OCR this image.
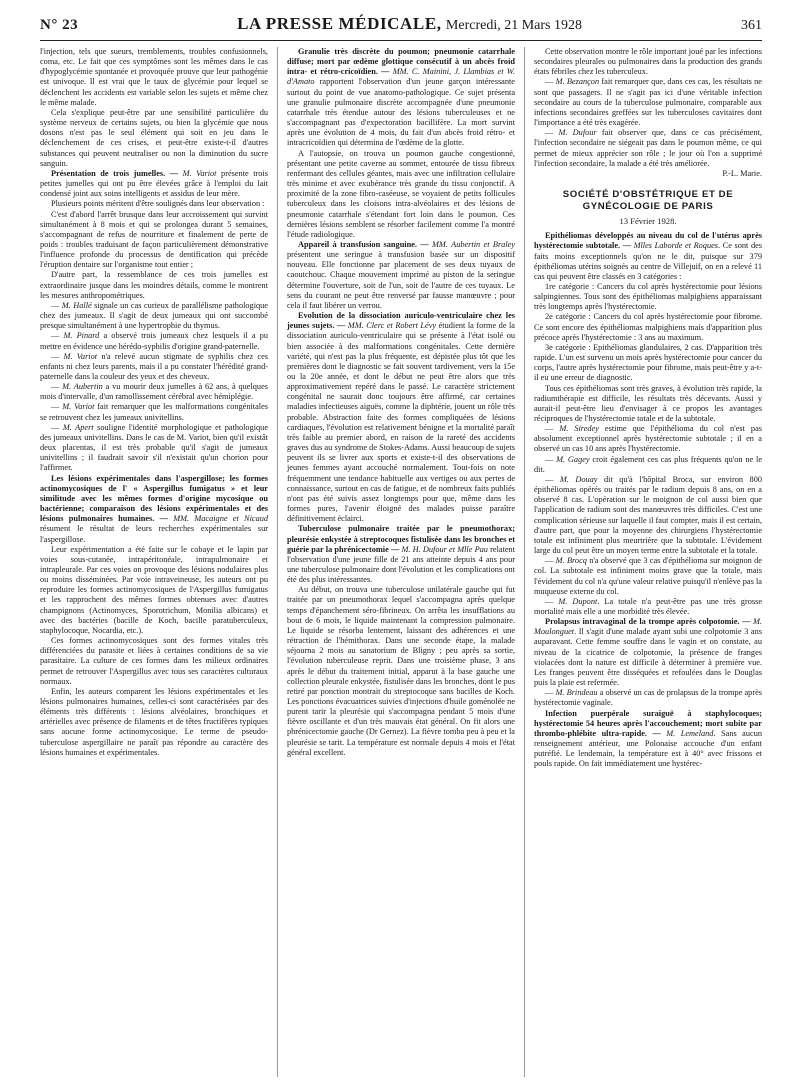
N° 23	LA PRESSE MÉDICALE, Mercredi, 21 Mars 1928	361

l'injection, tels que sueurs, tremblements, troubles confusionnels, coma, etc. Le fait que ces symptômes sont les mêmes dans le cas d'hypoglycémie spontanée et provoquée prouve que leur pathogénie est univoque. Il est vrai que le taux de glycémie pour lequel se déclenchent les accidents est variable selon les sujets et même chez le même malade.

Cela s'explique peut-être par une sensibilité particulière du système nerveux de certains sujets, ou bien la glycémie que nous dosons n'est pas le seul élément qui soit en jeu dans le déclenchement de ces crises, et peut-être existe-t-il d'autres substances qui peuvent neutraliser ou non la diminution du sucre sanguin.

Présentation de trois jumelles. — M. Variot présente trois petites jumelles qui ont pu être élevées grâce à l'emploi du lait condensé joint aux soins intelligents et assidus de leur mère.

Plusieurs points méritent d'être soulignés dans leur observation :

C'est d'abord l'arrêt brusque dans leur accroissement qui survint simultanément à 8 mois et qui se prolongea durant 5 semaines, s'accompagnant de refus de nourriture et finalement de perte de poids : troubles traduisant de façon particulièrement démonstrative l'influence profonde du processus de dentification qui précède l'éruption dentaire sur l'organisme tout entier ;

D'autre part, la ressemblance de ces trois jumelles est extraordinaire jusque dans les moindres détails, comme le montrent les mesures anthropométriques.

— M. Hallé signale un cas curieux de parallélisme pathologique chez des jumeaux. Il s'agit de deux jumeaux qui ont succombé presque simultanément à une hypertrophie du thymus.

— M. Pinard a observé trois jumeaux chez lesquels il a pu mettre en évidence une hérédo-syphilis d'origine grand-paternelle.

— M. Variot n'a relevé aucun stigmate de syphilis chez ces enfants ni chez leurs parents, mais il a pu constater l'hérédité grand-paternelle dans la couleur des yeux et des cheveux.

— M. Aubertin a vu mourir deux jumelles à 62 ans, à quelques mois d'intervalle, d'un ramollissement cérébral avec hémiplégie.

— M. Variot fait remarquer que les malformations congénitales se retrouvent chez les jumeaux univitellins.

— M. Apert souligne l'identité morphologique et pathologique des jumeaux univitellins. Dans le cas de M. Variot, bien qu'il existât deux placentas, il est très probable qu'il s'agit de jumeaux univitellins ; il faudrait savoir s'il n'existait qu'un chorion pour l'affirmer.

Les lésions expérimentales dans l'aspergillose; les formes actinomycosiques de l' « Aspergillus fumigatus » et leur similitude avec les mêmes formes d'origine mycosique ou bactérienne; comparaison des lésions expérimentales et des lésions pulmonaires humaines. — MM. Macaigne et Nicaud résument le résultat de leurs recherches expérimentales sur l'aspergillose.

Leur expérimentation a été faite sur le cobaye et le lapin par voies sous-cutanée, intrapéritonéale, intrapulmonaire et intrapleurale. Par ces voies on provoque des lésions nodulaires plus ou moins disséminées. Par voie intraveineuse, les auteurs ont pu reproduire les formes actinomycosiques de l'Aspergillus fumigatus et les rapprochent des mêmes formes obtenues avec d'autres champignons (Actinomyces, Sporotrichum, Monilia albicans) et avec des bactéries (bacille de Koch, bacille paratuberculeux, staphylocoque, Nocardia, etc.).

Ces formes actinomycosiques sont des formes vitales très différenciées du parasite et liées à certaines conditions de sa vie parasitaire. La culture de ces formes dans les milieux ordinaires permet de retrouver l'Aspergillus avec tous ses caractères culturaux normaux.

Enfin, les auteurs comparent les lésions expérimentales et les lésions pulmonaires humaines, celles-ci sont caractérisées par des éléments très différents : lésions alvéolaires, bronchiques et artérielles avec présence de filaments et de têtes fructifères typiques sans aucune forme actinomycosique. Le terme de pseudo-tuberculose aspergillaire ne paraît pas répondre au caractère des lésions humaines et expérimentales.

Granulie très discrète du poumon; pneumonie catarrhale diffuse; mort par œdème glottique consécutif à un abcès froid intra- et rétro-cricoïdien. — MM. C. Mainini, J. Llambias et W. d'Amato rapportent l'observation d'un jeune garçon intéressante surtout du point de vue anatomo-pathologique. Ce sujet présenta une granulie pulmonaire discrète accompagnée d'une pneumonie catarrhale très étendue autour des lésions tuberculeuses et ne s'accompagnant pas d'expectoration bacillifère. La mort survint après une évolution de 4 mois, du fait d'un abcès froid rétro- et intracricoïdien qui détermina de l'œdème de la glotte.

A l'autopsie, on trouva un poumon gauche congestionné, présentant une petite caverne au sommet, entourée de tissu fibreux renfermant des cellules géantes, mais avec une infiltration cellulaire très minime et avec exubérance très grande du tissu conjonctif. A proximité de la zone fibro-caséeuse, se voyaient de petits follicules tuberculeux dans les cloisons intra-alvéolaires et des lésions de pneumonie catarrhale s'étendant fort loin dans le poumon. Ces dernières lésions semblent se résorber facilement comme l'a montré l'étude radiologique.

Appareil à transfusion sanguine. — MM. Aubertin et Braley présentent une seringue à transfusion basée sur un dispositif nouveau. Elle fonctionne par placement de ses deux tuyaux de caoutchouc. Chaque mouvement imprimé au piston de la seringue détermine l'ouverture, soit de l'un, soit de l'autre de ces tuyaux. Le sens du courant ne peut être renversé par fausse manœuvre ; pour cela il faut libérer un verrou.

Evolution de la dissociation auriculo-ventriculaire chez les jeunes sujets. — MM. Clerc et Robert Lévy étudient la forme de la dissociation auriculo-ventriculaire qui se présente à l'état isolé ou bien associée à des malformations congénitales. Cette dernière variété, qui n'est pas la plus fréquente, est dépistée plus tôt que les premières dont le diagnostic se fait souvent tardivement, vers la 15e ou la 20e année, et dont le début ne peut être alors que très approximativement repéré dans le passé. Le caractère strictement congénital ne saurait donc toujours être affirmé, car certaines maladies infectieuses aiguës, comme la diphtérie, jouent un rôle très probable. Abstraction faite des formes compliquées de lésions cardiaques, l'évolution est relativement bénigne et la mortalité paraît très faible au premier abord, en raison de la rareté des accidents graves dus au syndrome de Stokes-Adams. Aussi beaucoup de sujets peuvent ils se livrer aux sports et existe-t-il des observations de jeunes femmes ayant accouché normalement. Tout-fois on note fréquemment une tendance habituelle aux vertiges ou aux pertes de connaissance, surtout en cas de fatigue, et de nombreux faits publiés n'ont pas été suivis assez longtemps pour que, même dans les formes pures, l'avenir éloigné des malades puisse paraître définitivement éclairci.

Tuberculose pulmonaire traitée par le pneumothorax; pleurésie enkystée à streptocoques fistulisée dans les bronches et guérie par la phrénicectomie — M. H. Dufour et Mlle Pau relatent l'observation d'une jeune fille de 21 ans atteinte depuis 4 ans pour une tuberculose pulmonaire dont l'évolution et les complications ont été des plus intéressantes.

Au début, on trouva une tuberculose unilatérale gauche qui fut traitée par un pneumothorax lequel s'accompagna après quelque temps d'épanchement séro-fibrineux. On arrêta les insufflations au bout de 6 mois, le liquide maintenant la compression pulmonaire. Le liquide se résorba lentement, laissant des adhérences et une rétraction de l'hémithorax. Dans une seconde étape, la malade séjourna 2 mois au sanatorium de Bligny ; peu après sa sortie, l'évolution tuberculeuse reprit. Dans une troisième phase, 3 ans après le début du traitement initial, apparut à la base gauche une collection pleurale enkystée, fistulisée dans les bronches, dont le pus retiré par ponction montrait du streptocoque sans bacilles de Koch. Les ponctions évacuatrices suivies d'injections d'huile goménolée ne purent tarir la pleurésie qui s'accompagna pendant 5 mois d'une fièvre oscillante et d'un très mauvais état général. On fit alors une phrénicectomie gauche (Dr Gernez). La fièvre tomba peu à peu et la pleurésie se tarit. La température est normale depuis 4 mois et l'état général excellent.

Cette observation montre le rôle important joué par les infections secondaires pleurales ou pulmonaires dans la production des grands états fébriles chez les tuberculeux.

— M. Bezançon fait remarquer que, dans ces cas, les résultats ne sont que passagers. Il ne s'agit pas ici d'une véritable infection secondaire au cours de la tuberculose pulmonaire, comparable aux infections secondaires greffées sur les tuberculoses cavitaires dont l'importance a été très exagérée.

— M. Dufour fait observer que, dans ce cas précisément, l'infection secondaire ne siégeait pas dans le poumon même, ce qui permet de mieux apprécier son rôle ; le jour où l'on a supprimé l'infection secondaire, la malade a été très améliorée.

P.-L. Marie.
SOCIÉTÉ D'OBSTÉTRIQUE ET DE GYNÉCOLOGIE DE PARIS
13 Février 1928.

Epithéliomas développés au niveau du col de l'utérus après hystérectomie subtotale. — Mlles Laborde et Roques. Ce sont des faits moins exceptionnels qu'on ne le dit, puisque sur 379 épithéliomas utérins soignés au centre de Villejuif, on en a relevé 11 cas qui peuvent être classés en 3 catégories :

1re catégorie : Cancers du col après hystérectomie pour lésions salpingiennes. Tous sont des épithéliomas malpighiens apparaissant très longtemps après l'hystérectomie.

2e catégorie : Cancers du col après hystérectomie pour fibrome. Ce sont encore des épithéliomas malpighiens mais d'apparition plus précoce après l'hystérectomie : 3 ans au maximum.

3e catégorie : Epithéliomas glandulaires, 2 cas. D'apparition très rapide. L'un est survenu un mois après hystérectomie pour cancer du corps, l'autre après hystérectomie pour fibrome, mais peut-être y a-t-il eu une erreur de diagnostic.

Tous ces épithéliomas sont très graves, à évolution très rapide, la radiumthérapie est difficile, les résultats très décevants. Aussi y aurait-il peut-être lieu d'envisager à ce propos les avantages réciproques de l'hystérectomie totale et de la subtotale.

— M. Siredey estime que l'épithélioma du col n'est pas absolument exceptionnel après hystérectomie subtotale ; il en a observé un cas 10 ans après l'hystérectomie.

— M. Gagey croit également ces cas plus fréquents qu'on ne le dit.

— M. Douay dit qu'à l'hôpital Broca, sur environ 800 épithéliomas opérés ou traités par le radium depuis 8 ans, on en a observé 8 cas. L'opération sur le moignon de col aussi bien que l'application de radium sont des manœuvres très difficiles. C'est une complication sérieuse sur laquelle il faut compter, mais il est certain, d'autre part, que pour la moyenne des chirurgiens l'hystérectomie totale est infiniment plus meurtrière que la subtotale. L'évidement large du col peut être un moyen terme entre la subtotale et la totale.

— M. Brocq n'a observé que 3 cas d'épithélioma sur moignon de col. La subtotale est infiniment moins grave que la totale, mais l'évidement du col n'a qu'une valeur relative puisqu'il n'enlève pas la muqueuse externe du col.

— M. Dupont. La totale n'a peut-être pas une très grosse mortalité mais elle a une morbidité très élevée.

Prolapsus intravaginal de la trompe après colpotomie. — M. Moulonguet. Il s'agit d'une malade ayant subi une colpotomie 3 ans auparavant. Cette femme souffre dans le vagin et on constate, au niveau de la cicatrice de colpotomie, la présence de franges violacées dont la nature est difficile à déterminer à première vue. Les franges peuvent être disséquées et refoulées dans le Douglas puis la plaie est refermée.

— M. Brindeau a observé un cas de prolapsus de la trompe après hystérectomie vaginale.

Infection puerpérale suraiguë à staphylocoques; hystérectomie 54 heures après l'accouchement; mort subite par thrombo-phlébite ultra-rapide. — M. Lemeland. Sans aucun renseignement antérieur, une Polonaise accouche d'un enfant putréfié. Le lendemain, la température est à 40° avec frissons et pouls rapide. On fait immédiatement une hystérec-
